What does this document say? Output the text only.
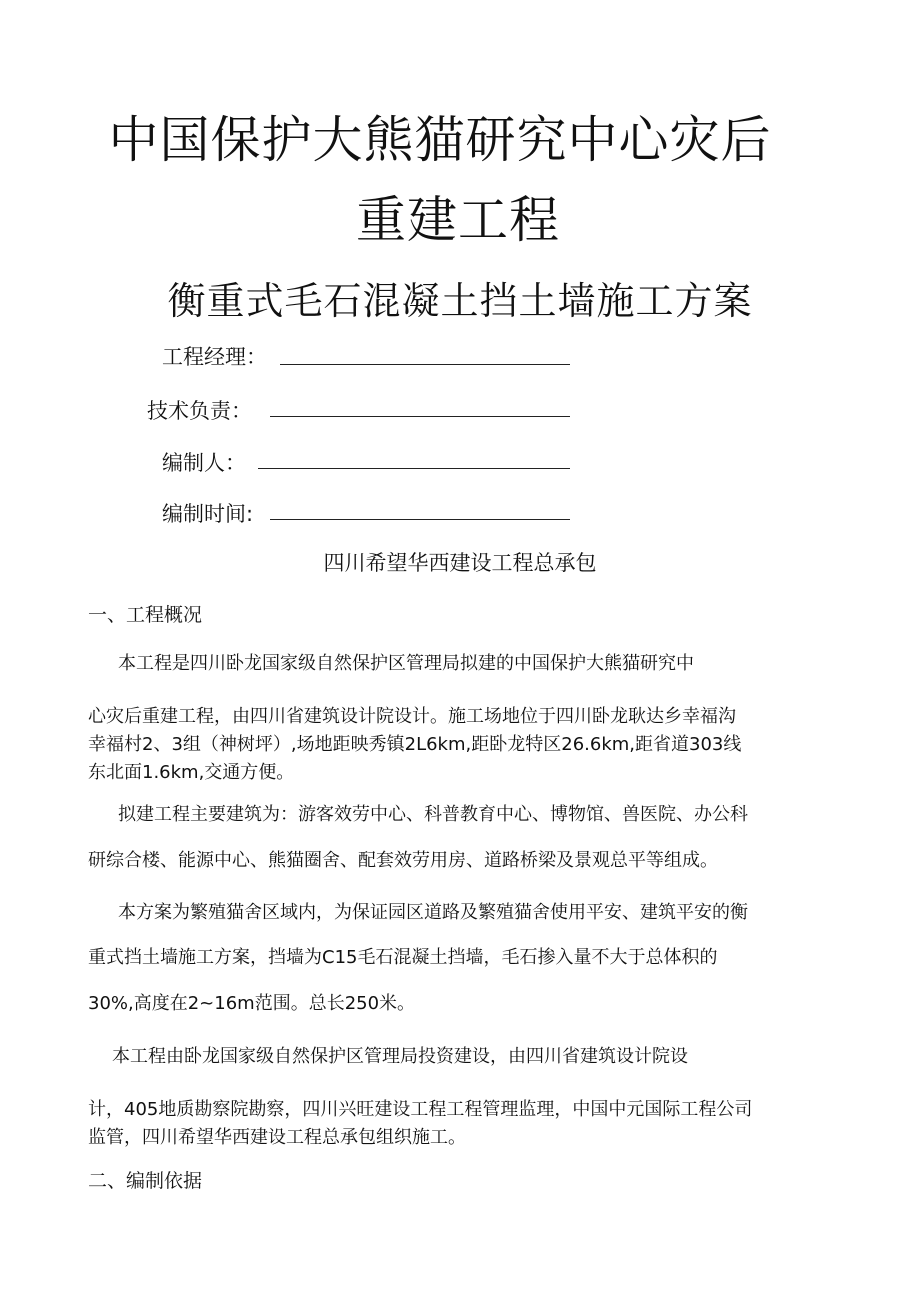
中国保护大熊猫研究中心灾后
重建工程
衡重式毛石混凝土挡土墙施工方案
工程经理：
技术负责：
编制人：
编制时间:
四川希望华西建设工程总承包
一、工程概况
本工程是四川卧龙国家级自然保护区管理局拟建的中国保护大熊猫研究中
心灾后重建工程，由四川省建筑设计院设计。施工场地位于四川卧龙耿达乡幸福沟
幸福村2、3组（神树坪）,场地距映秀镇2L6km,距卧龙特区26.6km,距省道303线
东北面1.6km,交通方便。
拟建工程主要建筑为：游客效劳中心、科普教育中心、博物馆、兽医院、办公科
研综合楼、能源中心、熊猫圈舍、配套效劳用房、道路桥梁及景观总平等组成。
本方案为繁殖猫舍区域内，为保证园区道路及繁殖猫舍使用平安、建筑平安的衡
重式挡土墙施工方案，挡墙为C15毛石混凝土挡墙，毛石掺入量不大于总体积的
30%,高度在2~16m范围。总长250米。
本工程由卧龙国家级自然保护区管理局投资建设，由四川省建筑设计院设
计，405地质勘察院勘察，四川兴旺建设工程工程管理监理，中国中元国际工程公司
监管，四川希望华西建设工程总承包组织施工。
二、编制依据
